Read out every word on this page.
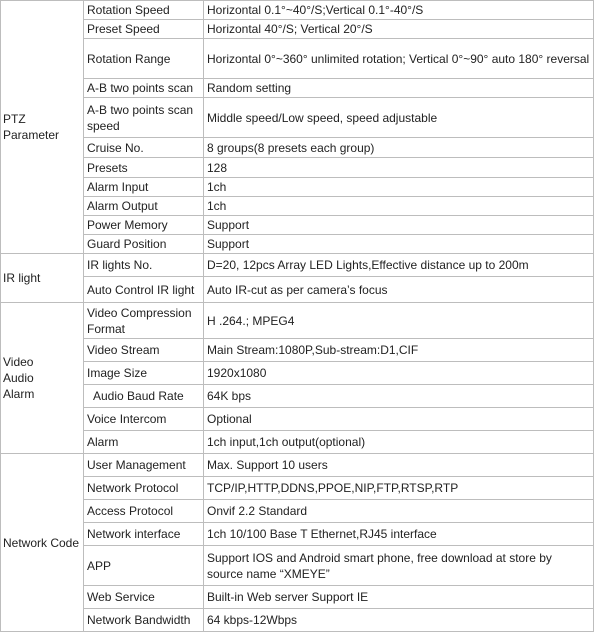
PTZ Parameter	Rotation Speed	Horizontal 0.1°~40°/S;Vertical 0.1°-40°/S
	Preset Speed	Horizontal 40°/S; Vertical 20°/S
	Rotation Range	Horizontal 0°~360° unlimited rotation; Vertical 0°~90° auto 180° reversal
	A-B two points scan	Random setting
	A-B two points scan speed	Middle speed/Low speed, speed adjustable
	Cruise No.	8 groups(8 presets each group)
	Presets	128
	Alarm Input	1ch
	Alarm Output	1ch
	Power Memory	Support
	Guard Position	Support
IR light	IR lights No.	D=20, 12pcs Array LED Lights,Effective distance up to 200m
	Auto Control IR light	Auto IR-cut as per camera’s focus
Video
Audio
Alarm	Video Compression Format	H .264.; MPEG4
	Video Stream	Main Stream:1080P,Sub-stream:D1,CIF
	Image Size	1920x1080
	Audio Baud Rate	64K bps
	Voice Intercom	Optional
	Alarm	1ch input,1ch output(optional)
Network Code	User Management	Max. Support 10 users
	Network Protocol	TCP/IP,HTTP,DDNS,PPOE,NIP,FTP,RTSP,RTP
	Access Protocol	Onvif 2.2 Standard
	Network interface	1ch 10/100 Base T Ethernet,RJ45 interface
	APP	Support IOS and Android smart phone, free download at store by source name “XMEYE”
	Web Service	Built-in Web server Support IE
	Network Bandwidth	64 kbps-12Wbps
